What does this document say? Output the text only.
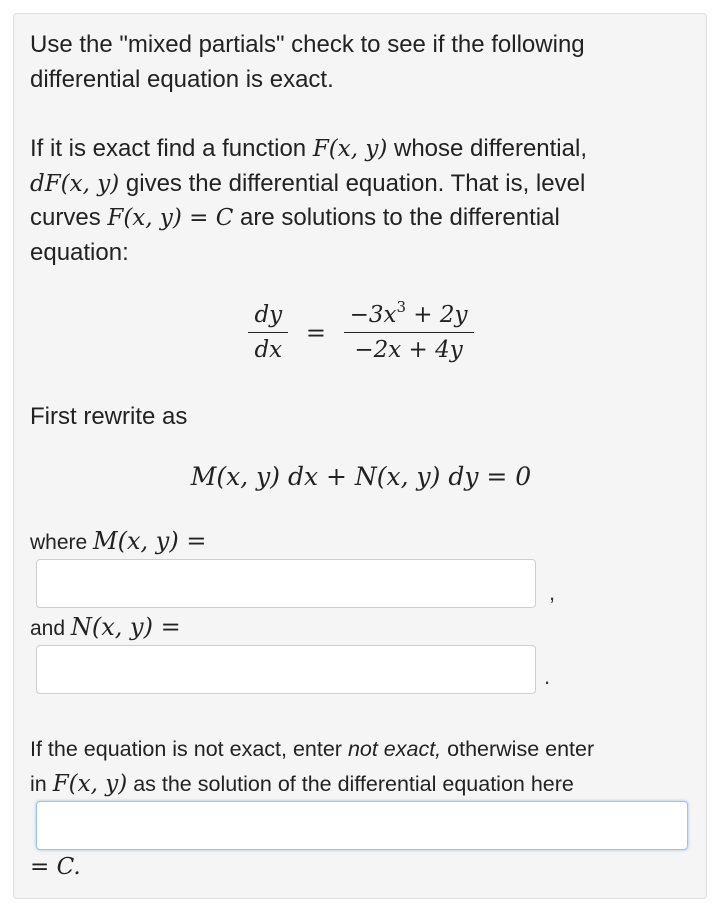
Use the "mixed partials" check to see if the following
differential equation is exact.
If it is exact find a function F(x, y) whose differential,
dF(x, y) gives the differential equation. That is, level
curves F(x, y) = C are solutions to the differential
equation:
$\frac{dy}{dx} = \frac{-3x^3 + 2y}{-2x + 4y}$
First rewrite as
M(x, y) dx + N(x, y) dy = 0
where M(x, y) =
,
and N(x, y) =
.
If the equation is not exact, enter not exact, otherwise enter
in F(x, y) as the solution of the differential equation here
= C.
